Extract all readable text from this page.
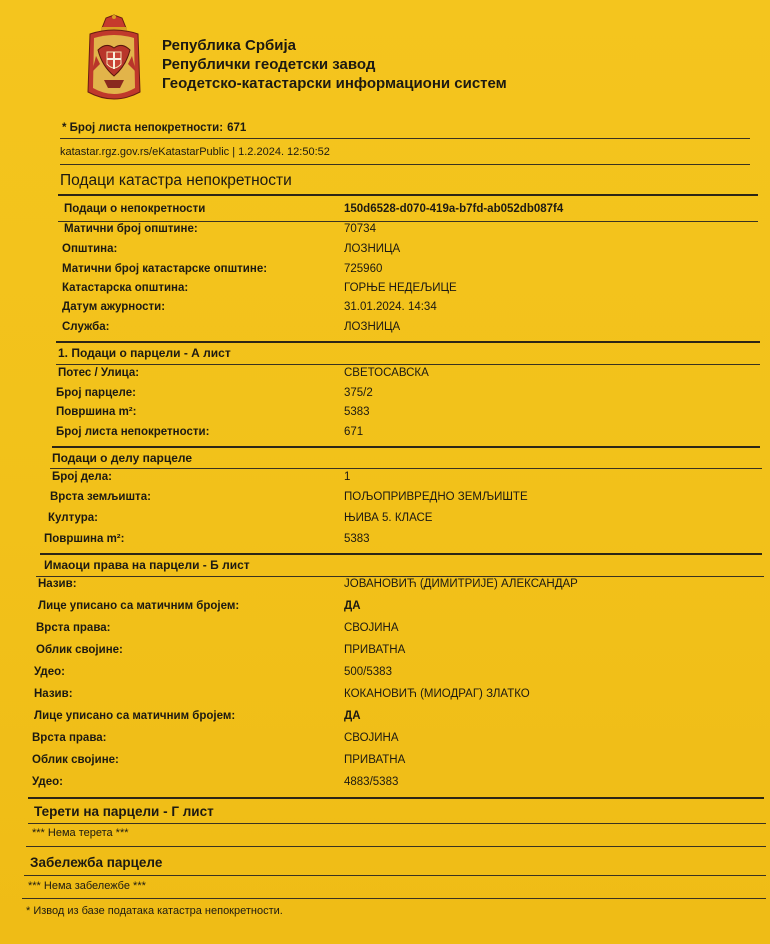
Република Србија
Републички геодетски завод
Геодетско-катастарски информациони систем
* Број листа непокретности: 671
katastar.rgz.gov.rs/eKatastarPublic | 1.2.2024. 12:50:52
Подаци катастра непокретности
Подаци о непокретности	150d6528-d070-419a-b7fd-ab052db087f4
Матични број општине:	70734
Општина:	ЛОЗНИЦА
Матични број катастарске општине:	725960
Катастарска општина:	ГОРЊЕ НЕДЕЉИЦЕ
Датум ажурности:	31.01.2024. 14:34
Служба:	ЛОЗНИЦА
1. Подаци о парцели - А лист
Потес / Улица:	СВЕТОСАВСКА
Број парцеле:	375/2
Површина m²:	5383
Број листа непокретности:	671
Подаци о делу парцеле
Број дела:	1
Врста земљишта:	ПОЉОПРИВРЕДНО ЗЕМЉИШТЕ
Култура:	ЊИВА 5. КЛАСЕ
Површина m²:	5383
Имаоци права на парцели - Б лист
Назив:	ЈОВАНОВИЋ (ДИМИТРИЈЕ) АЛЕКСАНДАР
Лице уписано са матичним бројем:	ДА
Врста права:	СВОЈИНА
Облик својине:	ПРИВАТНА
Удео:	500/5383
Назив:	КОКАНОВИЋ (МИОДРАГ) ЗЛАТКО
Лице уписано са матичним бројем:	ДА
Врста права:	СВОЈИНА
Облик својине:	ПРИВАТНА
Удео:	4883/5383
Терети на парцели - Г лист
*** Нема терета ***
Забележба парцеле
*** Нема забележбе ***
* Извод из базе података катастра непокретности.
